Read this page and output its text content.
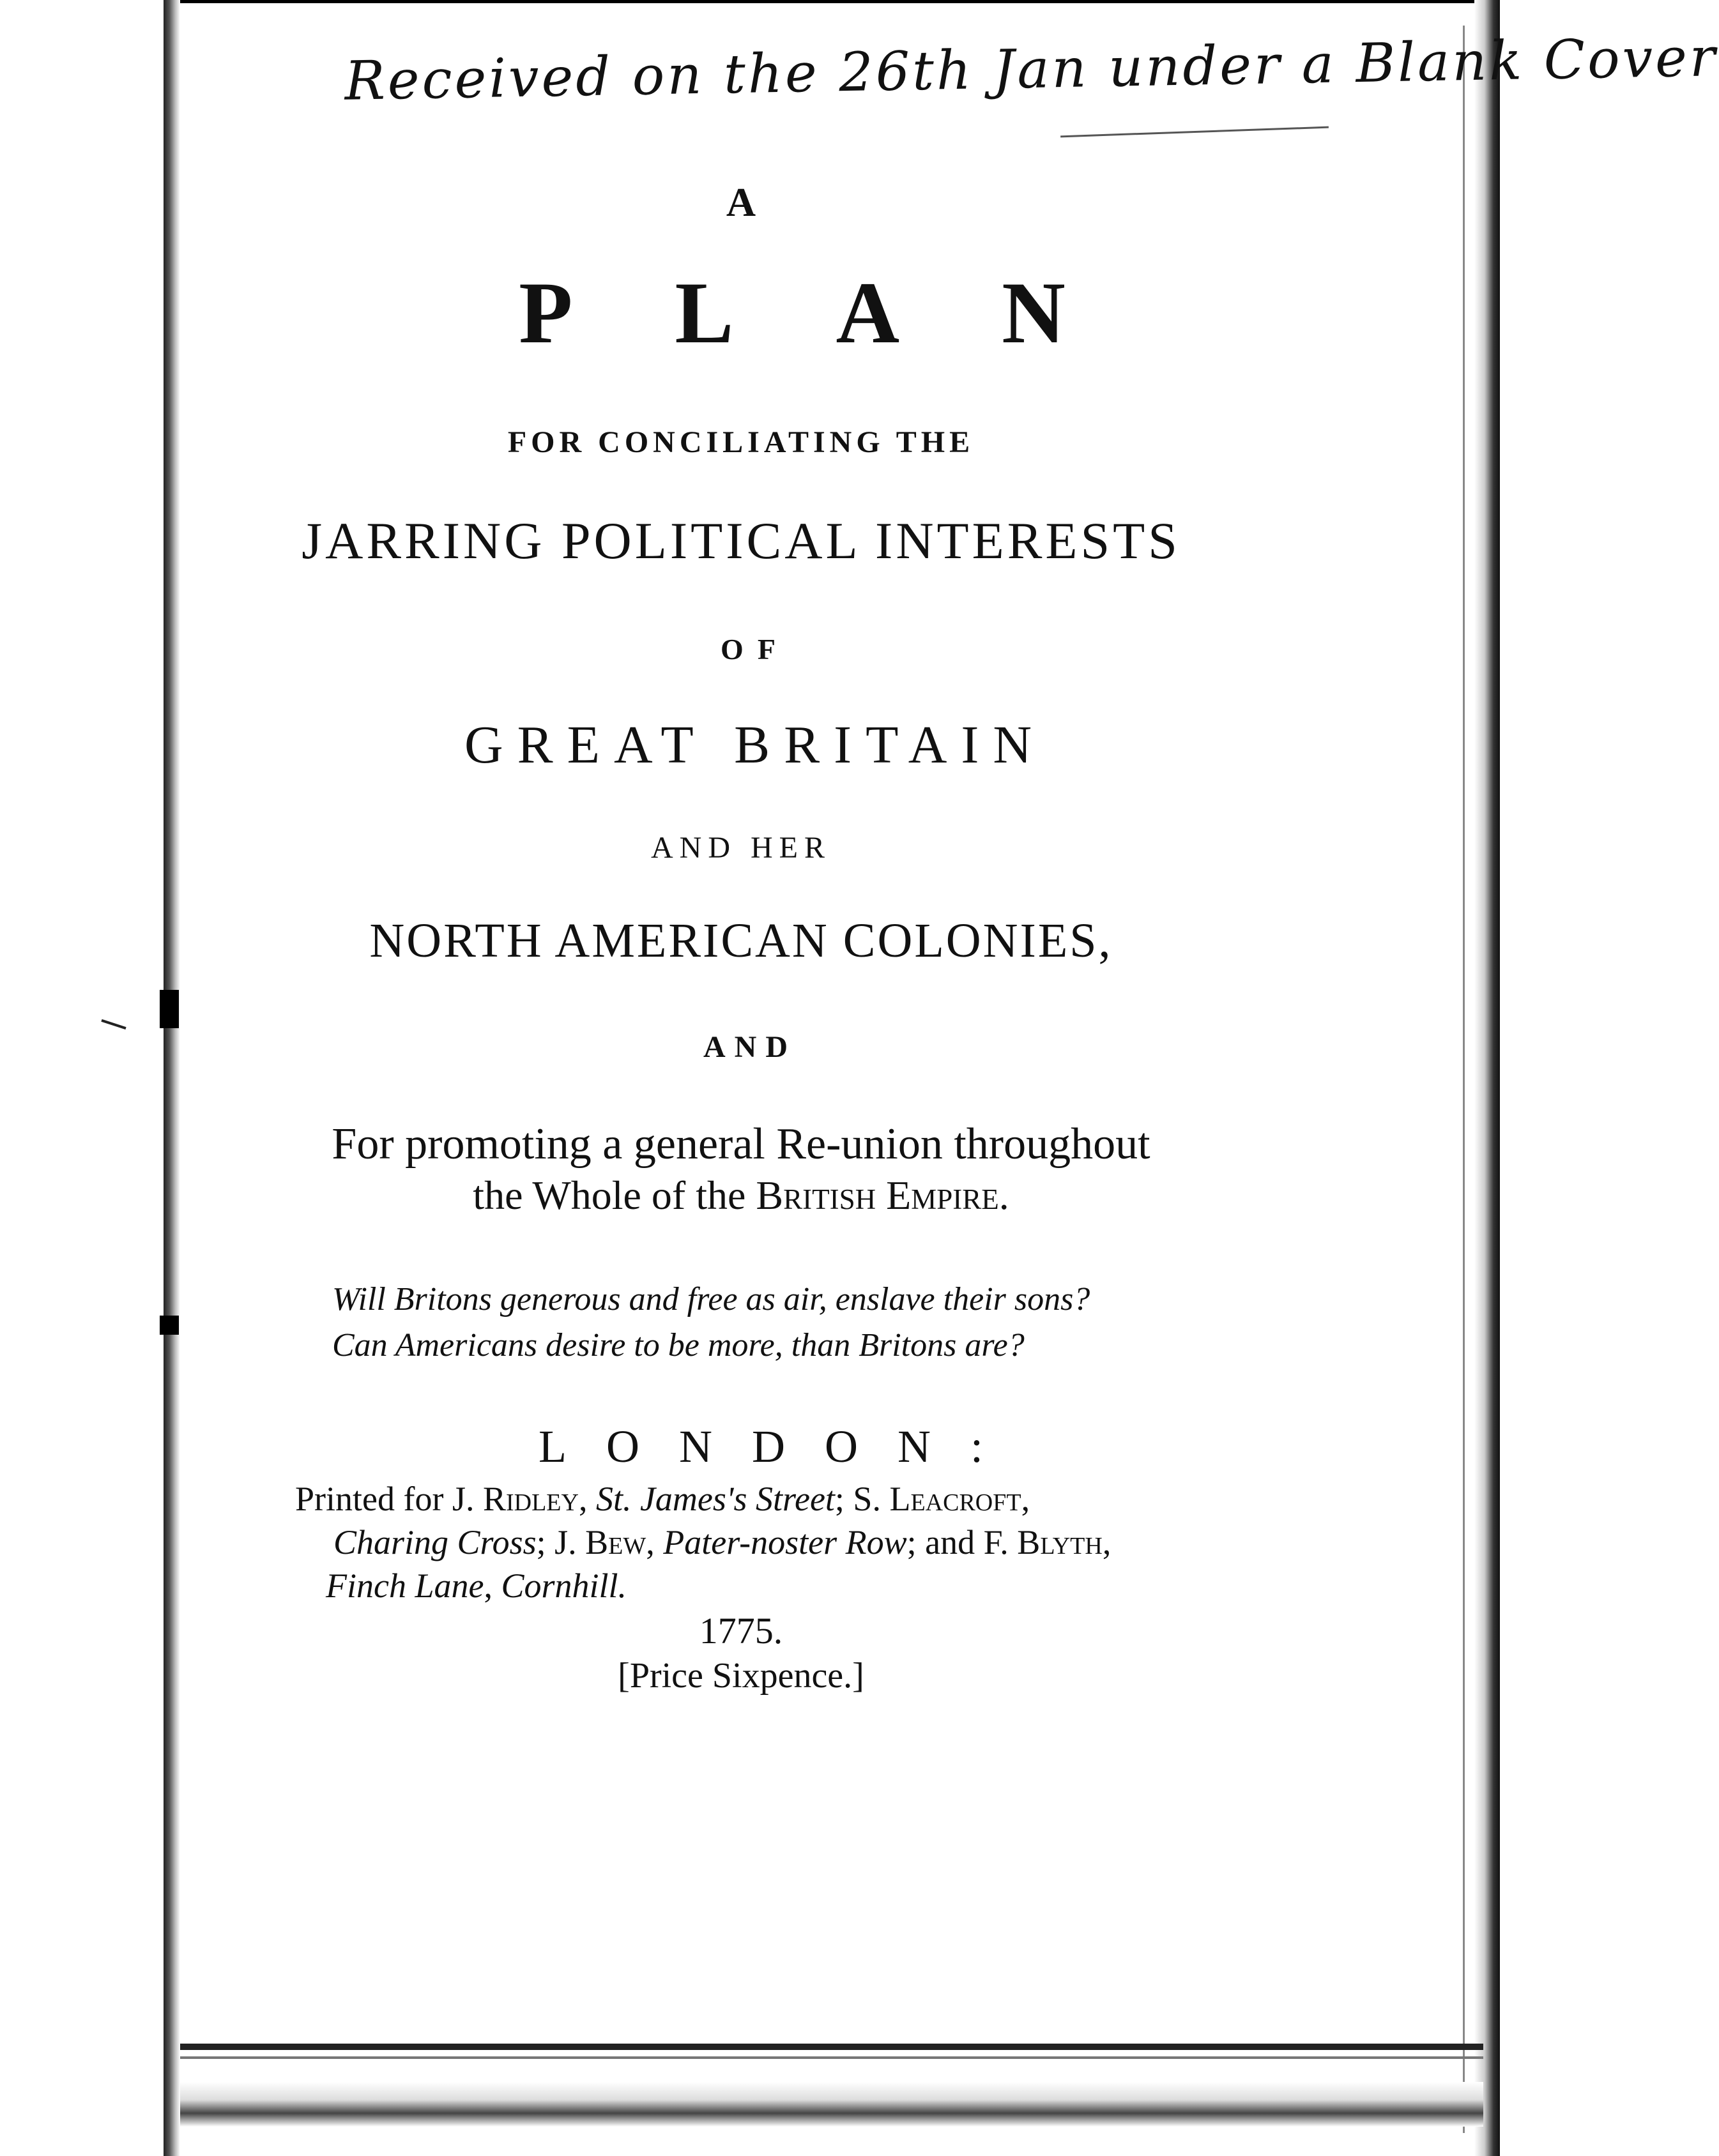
Received on the 26th Jan under a Blank Cover
A
PLAN
FOR CONCILIATING THE
JARRING POLITICAL INTERESTS
OF
GREAT BRITAIN
AND HER
NORTH AMERICAN COLONIES,
AND
For promoting a general Re-union throughout
the Whole of the British Empire.
Will Britons generous and free as air, enslave their sons?
Can Americans desire to be more, than Britons are?
LONDON:
Printed for J. Ridley, St. James's Street; S. Leacroft,
Charing Cross; J. Bew, Pater-noster Row; and F. Blyth,
Finch Lane, Cornhill.
1775.
[Price Sixpence.]
